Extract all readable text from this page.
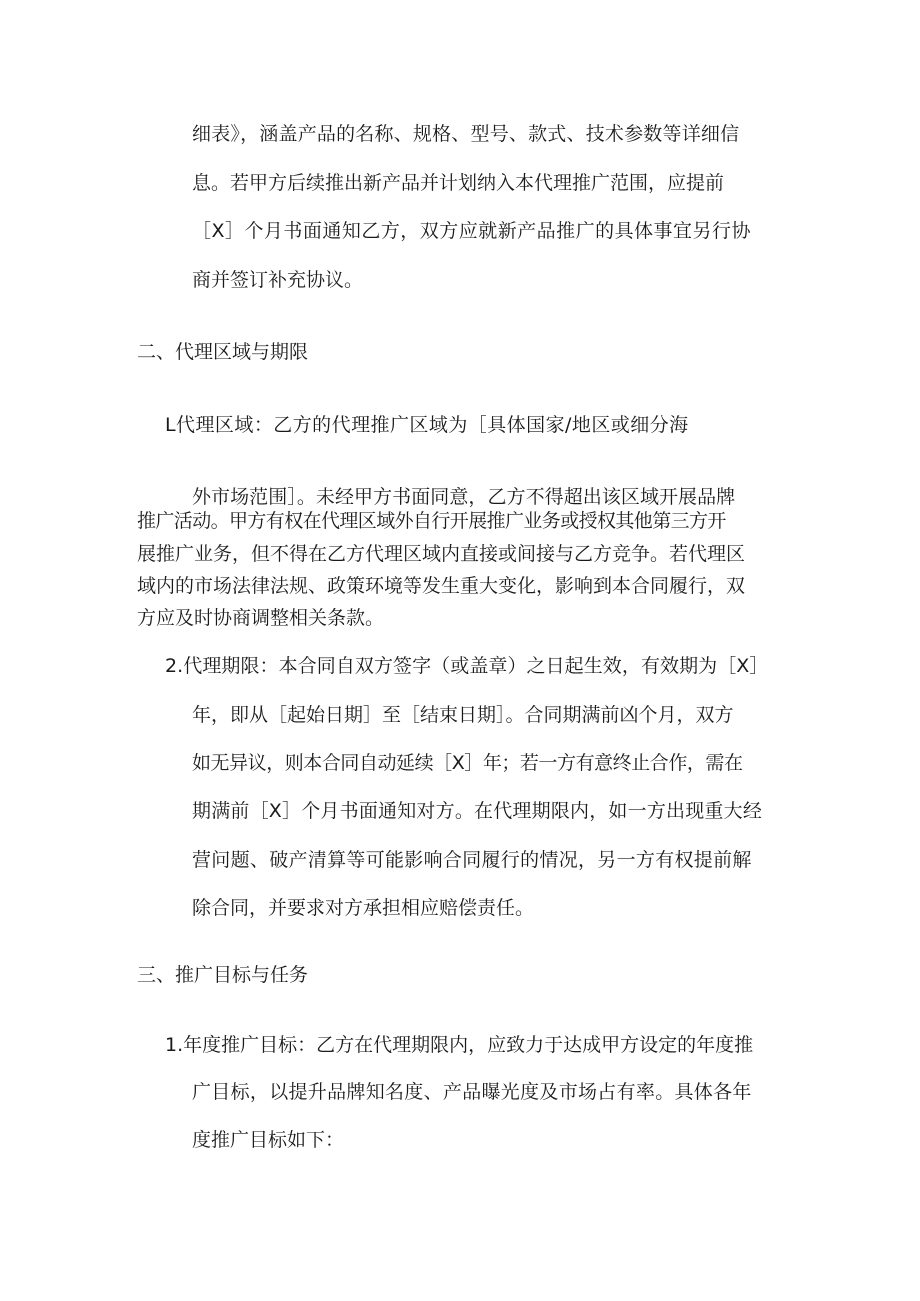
细表》，涵盖产品的名称、规格、型号、款式、技术参数等详细信
息。若甲方后续推出新产品并计划纳入本代理推广范围，应提前
［X］个月书面通知乙方，双方应就新产品推广的具体事宜另行协
商并签订补充协议。
二、代理区域与期限
L代理区域：乙方的代理推广区域为［具体国家/地区或细分海
外市场范围］。未经甲方书面同意，乙方不得超出该区域开展品牌
推广活动。甲方有权在代理区域外自行开展推广业务或授权其他第三方开
展推广业务，但不得在乙方代理区域内直接或间接与乙方竞争。若代理区
域内的市场法律法规、政策环境等发生重大变化，影响到本合同履行，双
方应及时协商调整相关条款。
2.代理期限：本合同自双方签字（或盖章）之日起生效，有效期为［X］
年，即从［起始日期］至［结束日期］。合同期满前凶个月，双方
如无异议，则本合同自动延续［X］年；若一方有意终止合作，需在
期满前［X］个月书面通知对方。在代理期限内，如一方出现重大经
营问题、破产清算等可能影响合同履行的情况，另一方有权提前解
除合同，并要求对方承担相应赔偿责任。
三、推广目标与任务
1.年度推广目标：乙方在代理期限内，应致力于达成甲方设定的年度推
广目标，以提升品牌知名度、产品曝光度及市场占有率。具体各年
度推广目标如下：
